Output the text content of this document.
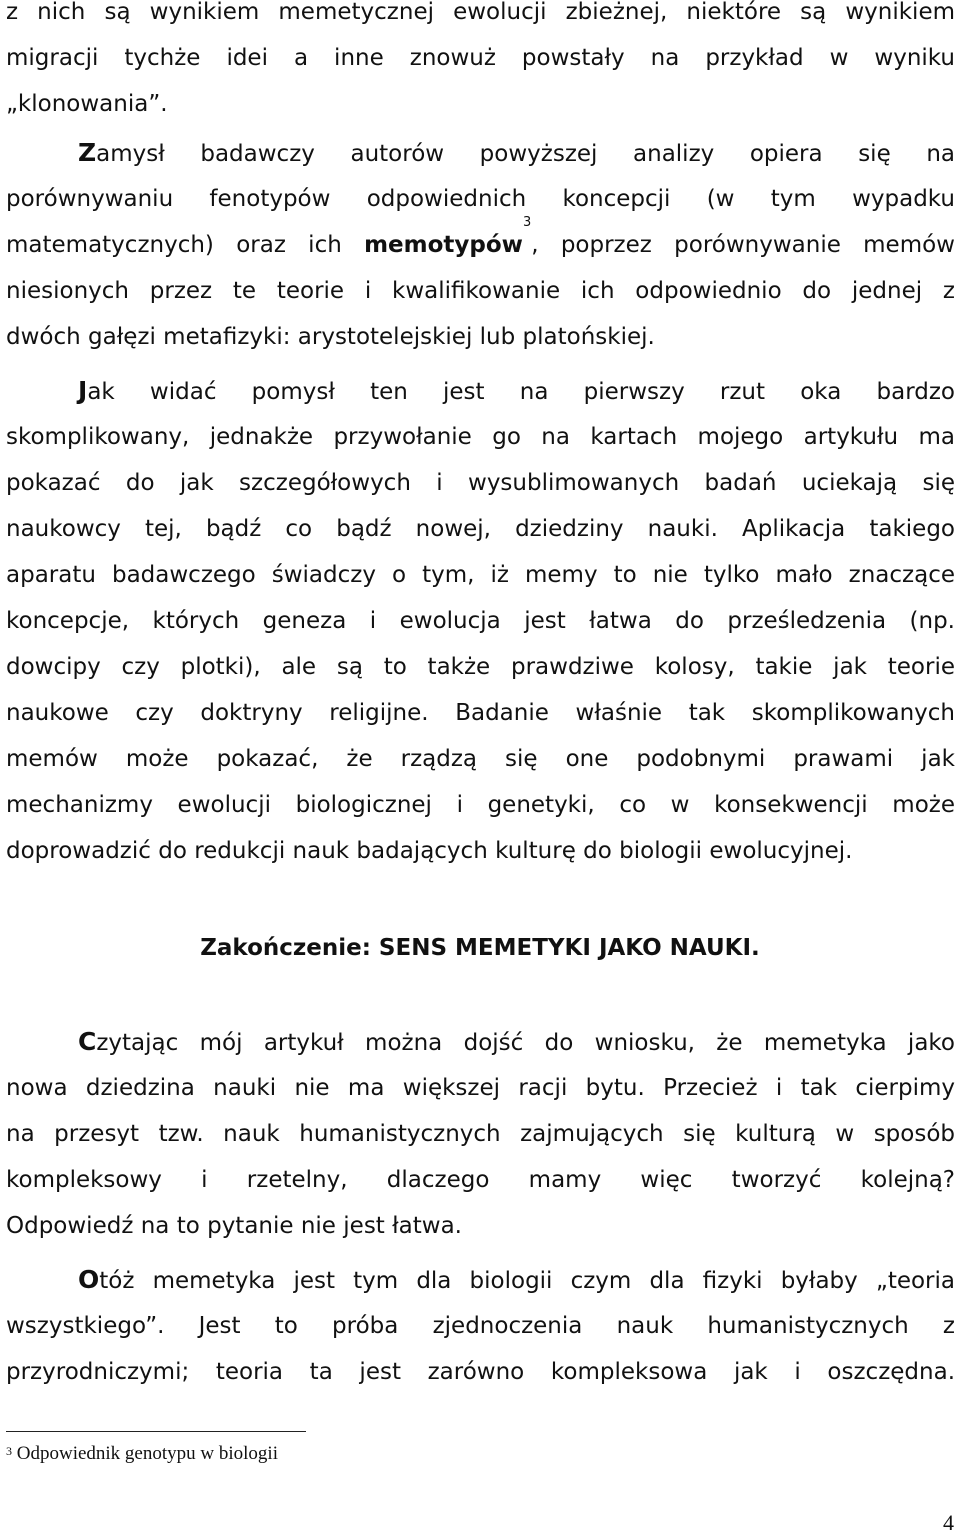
z nich są wynikiem memetycznej ewolucji zbieżnej, niektóre są wynikiem
migracji tychże idei a inne znowuż powstały na przykład w wyniku
„klonowania”.
Zamysł badawczy autorów powyższej analizy opiera się na
porównywaniu fenotypów odpowiednich koncepcji (w tym wypadku
matematycznych) oraz ich memotypów$^3$, poprzez porównywanie memów
niesionych przez te teorie i kwalifikowanie ich odpowiednio do jednej z
dwóch gałęzi metafizyki: arystotelejskiej lub platońskiej.
Jak widać pomysł ten jest na pierwszy rzut oka bardzo
skomplikowany, jednakże przywołanie go na kartach mojego artykułu ma
pokazać do jak szczegółowych i wysublimowanych badań uciekają się
naukowcy tej, bądź co bądź nowej, dziedziny nauki. Aplikacja takiego
aparatu badawczego świadczy o tym, iż memy to nie tylko mało znaczące
koncepcje, których geneza i ewolucja jest łatwa do prześledzenia (np.
dowcipy czy plotki), ale są to także prawdziwe kolosy, takie jak teorie
naukowe czy doktryny religijne. Badanie właśnie tak skomplikowanych
memów może pokazać, że rządzą się one podobnymi prawami jak
mechanizmy ewolucji biologicznej i genetyki, co w konsekwencji może
doprowadzić do redukcji nauk badających kulturę do biologii ewolucyjnej.

Zakończenie: SENS MEMETYKI JAKO NAUKI.

Czytając mój artykuł można dojść do wniosku, że memetyka jako
nowa dziedzina nauki nie ma większej racji bytu. Przecież i tak cierpimy
na przesyt tzw. nauk humanistycznych zajmujących się kulturą w sposób
kompleksowy i rzetelny, dlaczego mamy więc tworzyć kolejną?
Odpowiedź na to pytanie nie jest łatwa.
Otóż memetyka jest tym dla biologii czym dla fizyki byłaby „teoria
wszystkiego”. Jest to próba zjednoczenia nauk humanistycznych z
przyrodniczymi; teoria ta jest zarówno kompleksowa jak i oszczędna.

$^3$ Odpowiednik genotypu w biologii

4
